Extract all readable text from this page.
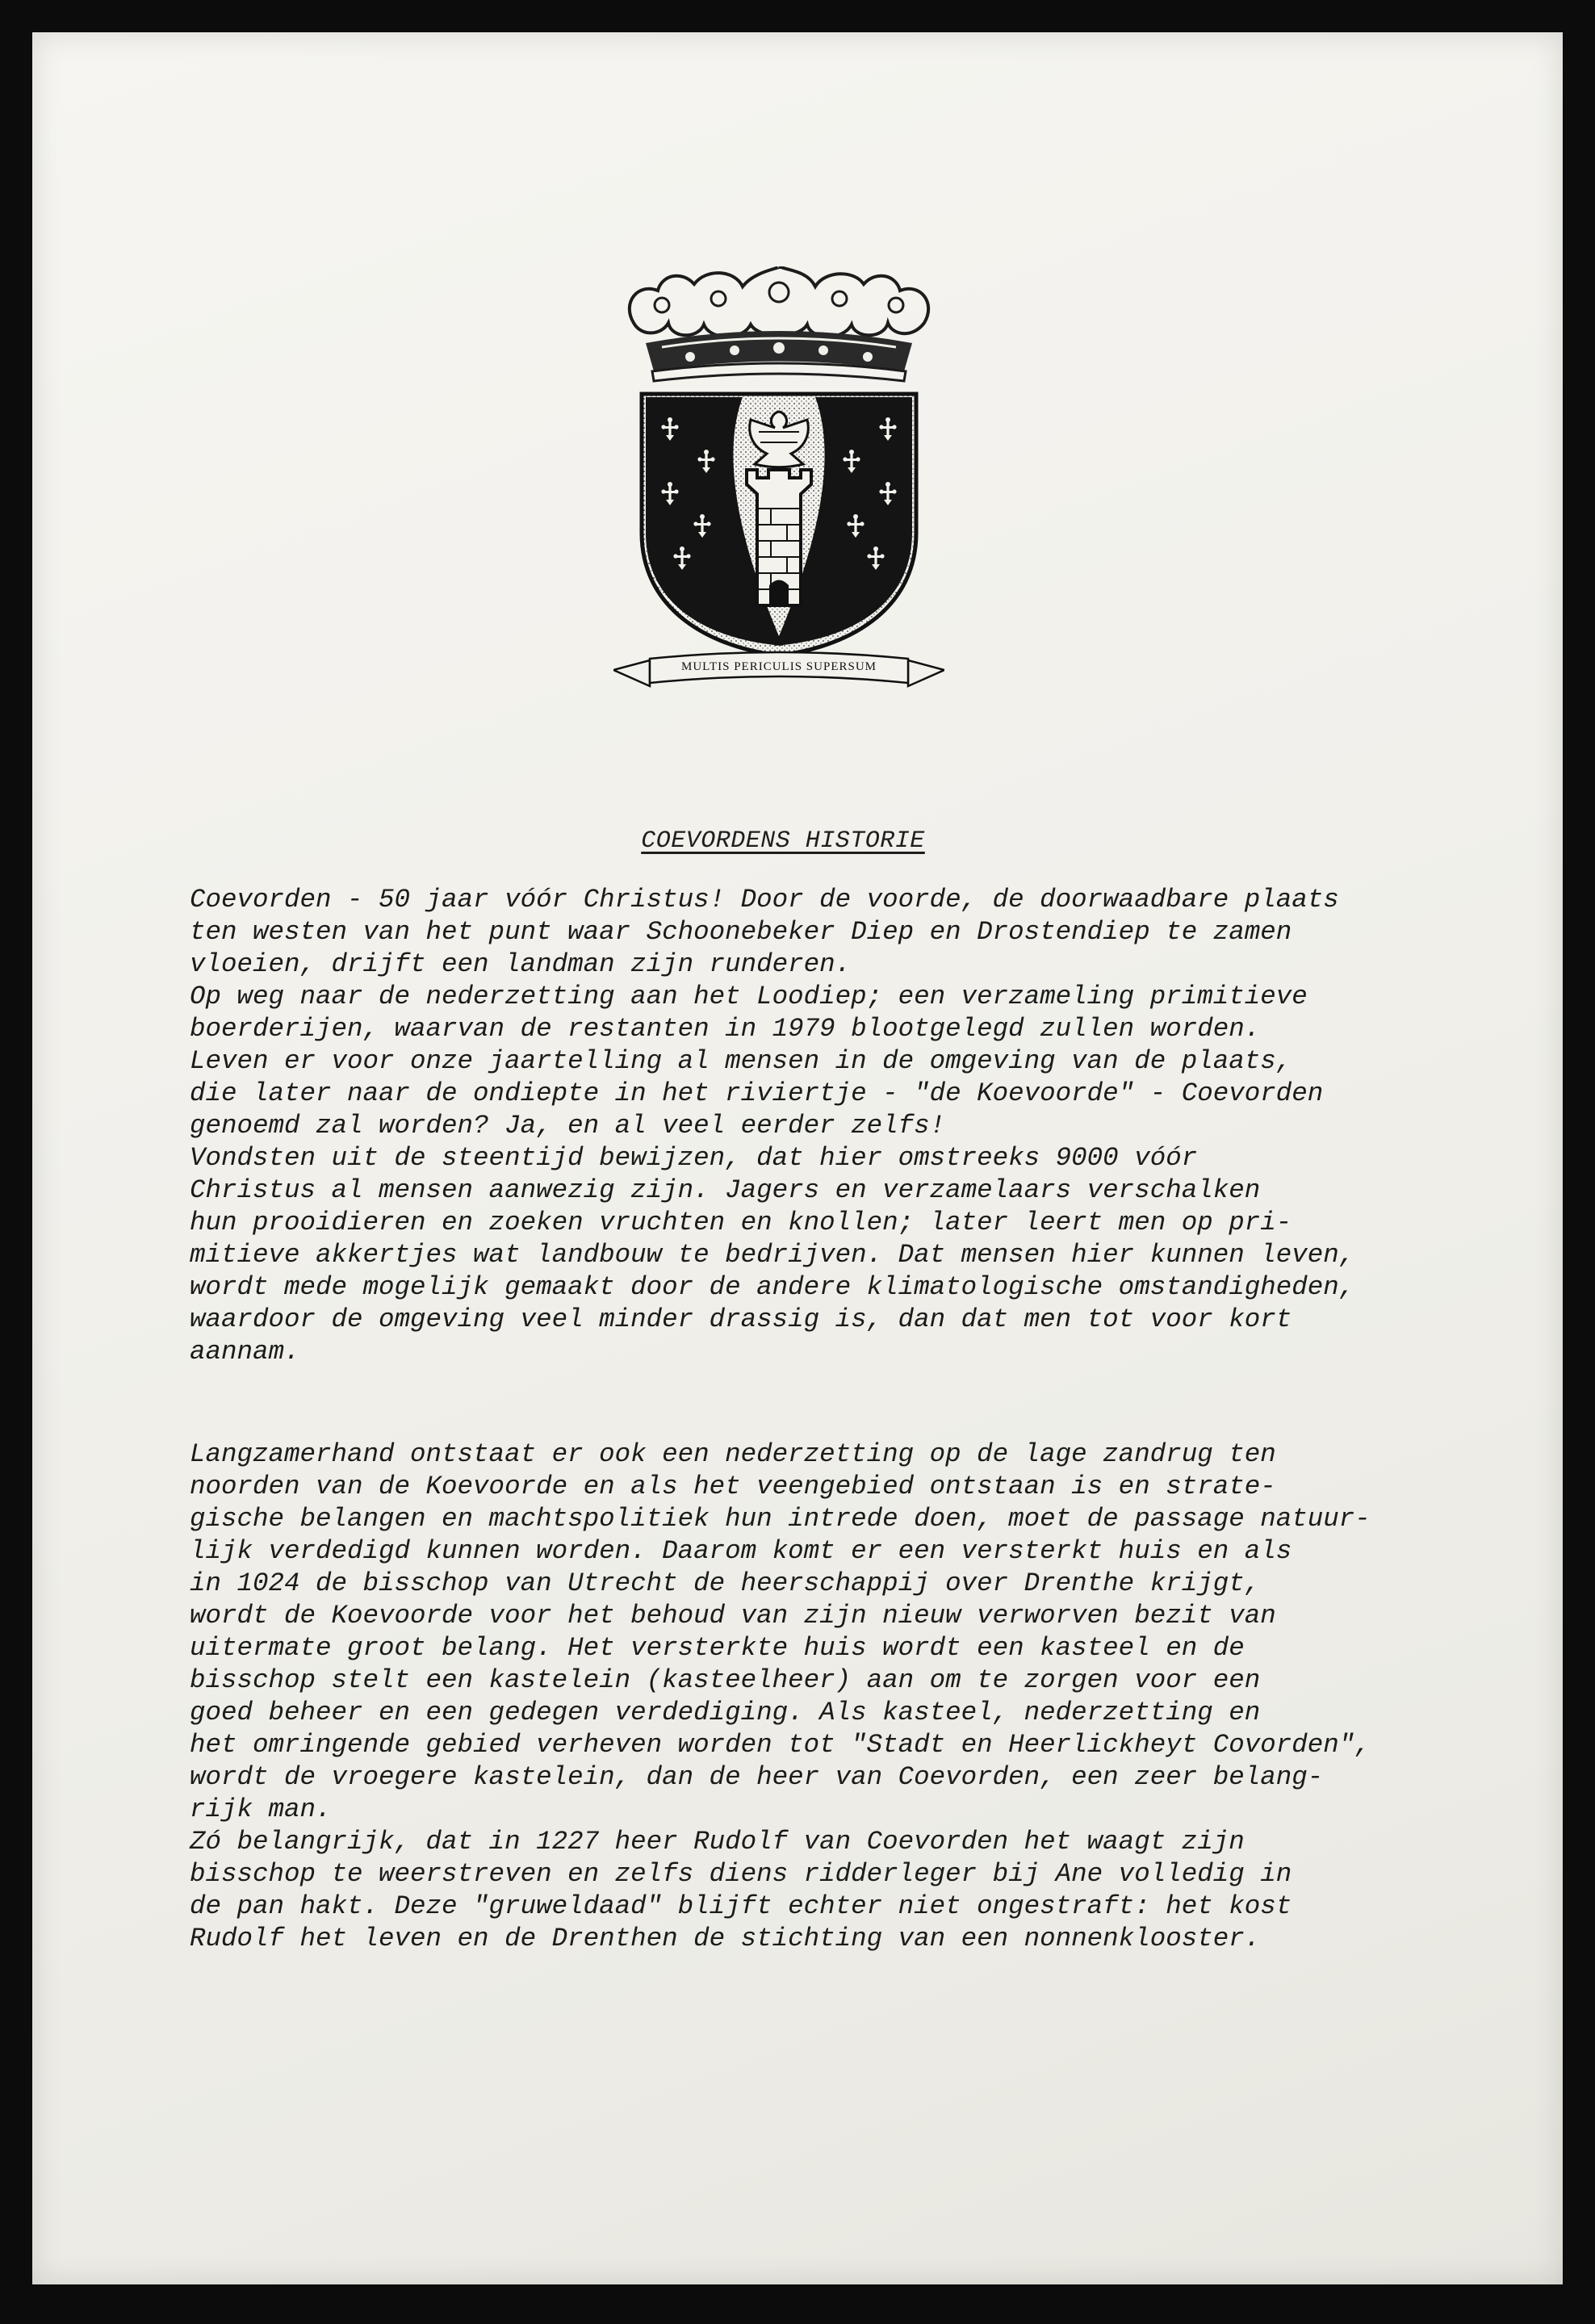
MULTIS PERICULIS SUPERSUM
COEVORDENS HISTORIE

Coevorden - 50 jaar vóór Christus! Door de voorde, de doorwaadbare plaats
ten westen van het punt waar Schoonebeker Diep en Drostendiep te zamen
vloeien, drijft een landman zijn runderen.
Op weg naar de nederzetting aan het Loodiep; een verzameling primitieve
boerderijen, waarvan de restanten in 1979 blootgelegd zullen worden.
Leven er voor onze jaartelling al mensen in de omgeving van de plaats,
die later naar de ondiepte in het riviertje - "de Koevoorde" - Coevorden
genoemd zal worden? Ja, en al veel eerder zelfs!
Vondsten uit de steentijd bewijzen, dat hier omstreeks 9000 vóór
Christus al mensen aanwezig zijn. Jagers en verzamelaars verschalken
hun prooidieren en zoeken vruchten en knollen; later leert men op pri-
mitieve akkertjes wat landbouw te bedrijven. Dat mensen hier kunnen leven,
wordt mede mogelijk gemaakt door de andere klimatologische omstandigheden,
waardoor de omgeving veel minder drassig is, dan dat men tot voor kort
aannam.

Langzamerhand ontstaat er ook een nederzetting op de lage zandrug ten
noorden van de Koevoorde en als het veengebied ontstaan is en strate-
gische belangen en machtspolitiek hun intrede doen, moet de passage natuur-
lijk verdedigd kunnen worden. Daarom komt er een versterkt huis en als
in 1024 de bisschop van Utrecht de heerschappij over Drenthe krijgt,
wordt de Koevoorde voor het behoud van zijn nieuw verworven bezit van
uitermate groot belang. Het versterkte huis wordt een kasteel en de
bisschop stelt een kastelein (kasteelheer) aan om te zorgen voor een
goed beheer en een gedegen verdediging. Als kasteel, nederzetting en
het omringende gebied verheven worden tot "Stadt en Heerlickheyt Covorden",
wordt de vroegere kastelein, dan de heer van Coevorden, een zeer belang-
rijk man.
Zó belangrijk, dat in 1227 heer Rudolf van Coevorden het waagt zijn
bisschop te weerstreven en zelfs diens ridderleger bij Ane volledig in
de pan hakt. Deze "gruweldaad" blijft echter niet ongestraft: het kost
Rudolf het leven en de Drenthen de stichting van een nonnenklooster.
